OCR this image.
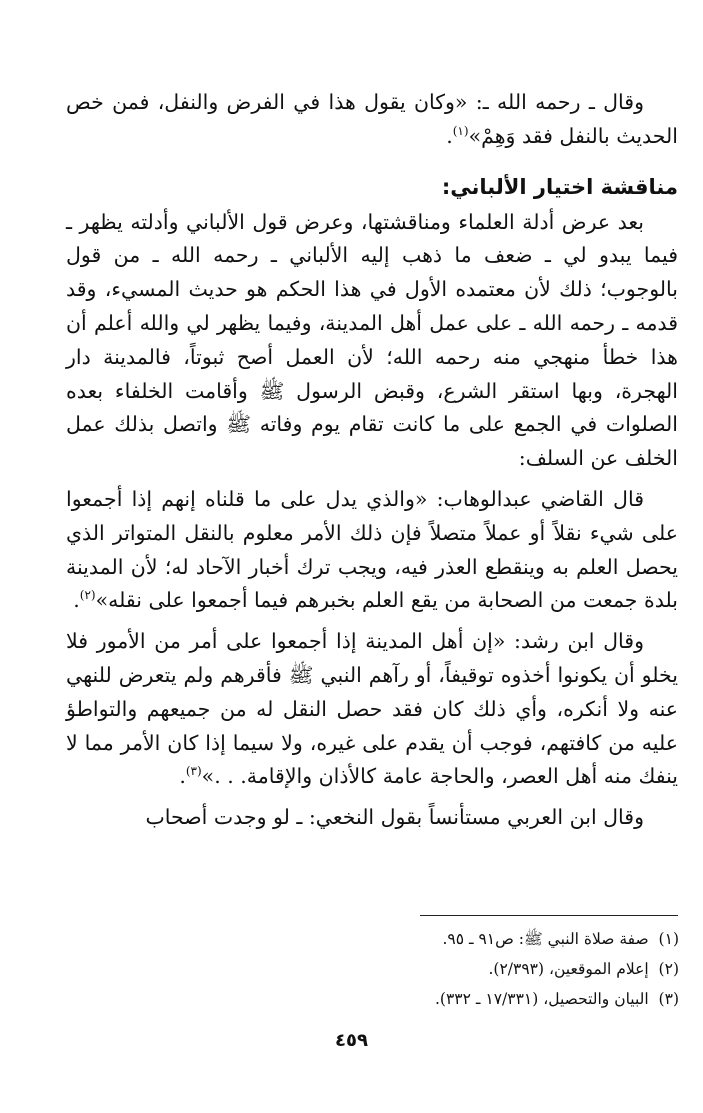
وقال ـ رحمه الله ـ: «وكان يقول هذا في الفرض والنفل، فمن خص الحديث بالنفل فقد وَهِمْ»$^{(١)}$.

مناقشة اختيار الألباني:

بعد عرض أدلة العلماء ومناقشتها، وعرض قول الألباني وأدلته يظهر ـ فيما يبدو لي ـ ضعف ما ذهب إليه الألباني ـ رحمه الله ـ من قول بالوجوب؛ ذلك لأن معتمده الأول في هذا الحكم هو حديث المسيء، وقد قدمه ـ رحمه الله ـ على عمل أهل المدينة، وفيما يظهر لي والله أعلم أن هذا خطأ منهجي منه رحمه الله؛ لأن العمل أصح ثبوتاً، فالمدينة دار الهجرة، وبها استقر الشرع، وقبض الرسول ﷺ وأقامت الخلفاء بعده الصلوات في الجمع على ما كانت تقام يوم وفاته ﷺ واتصل بذلك عمل الخلف عن السلف:

قال القاضي عبدالوهاب: «والذي يدل على ما قلناه إنهم إذا أجمعوا على شيء نقلاً أو عملاً متصلاً فإن ذلك الأمر معلوم بالنقل المتواتر الذي يحصل العلم به وينقطع العذر فيه، ويجب ترك أخبار الآحاد له؛ لأن المدينة بلدة جمعت من الصحابة من يقع العلم بخبرهم فيما أجمعوا على نقله»$^{(٢)}$.

وقال ابن رشد: «إن أهل المدينة إذا أجمعوا على أمر من الأمور فلا يخلو أن يكونوا أخذوه توقيفاً، أو رآهم النبي ﷺ فأقرهم ولم يتعرض للنهي عنه ولا أنكره، وأي ذلك كان فقد حصل النقل له من جميعهم والتواطؤ عليه من كافتهم، فوجب أن يقدم على غيره، ولا سيما إذا كان الأمر مما لا ينفك منه أهل العصر، والحاجة عامة كالأذان والإقامة. . .»$^{(٣)}$.

وقال ابن العربي مستأنساً بقول النخعي: ـ لو وجدت أصحاب

(١)  صفة صلاة النبي ﷺ: ص٩١ ـ ٩٥.

(٢)  إعلام الموقعين، (٢/٣٩٣).

(٣)  البيان والتحصيل، (١٧/٣٣١ ـ ٣٣٢).

٤٥٩
